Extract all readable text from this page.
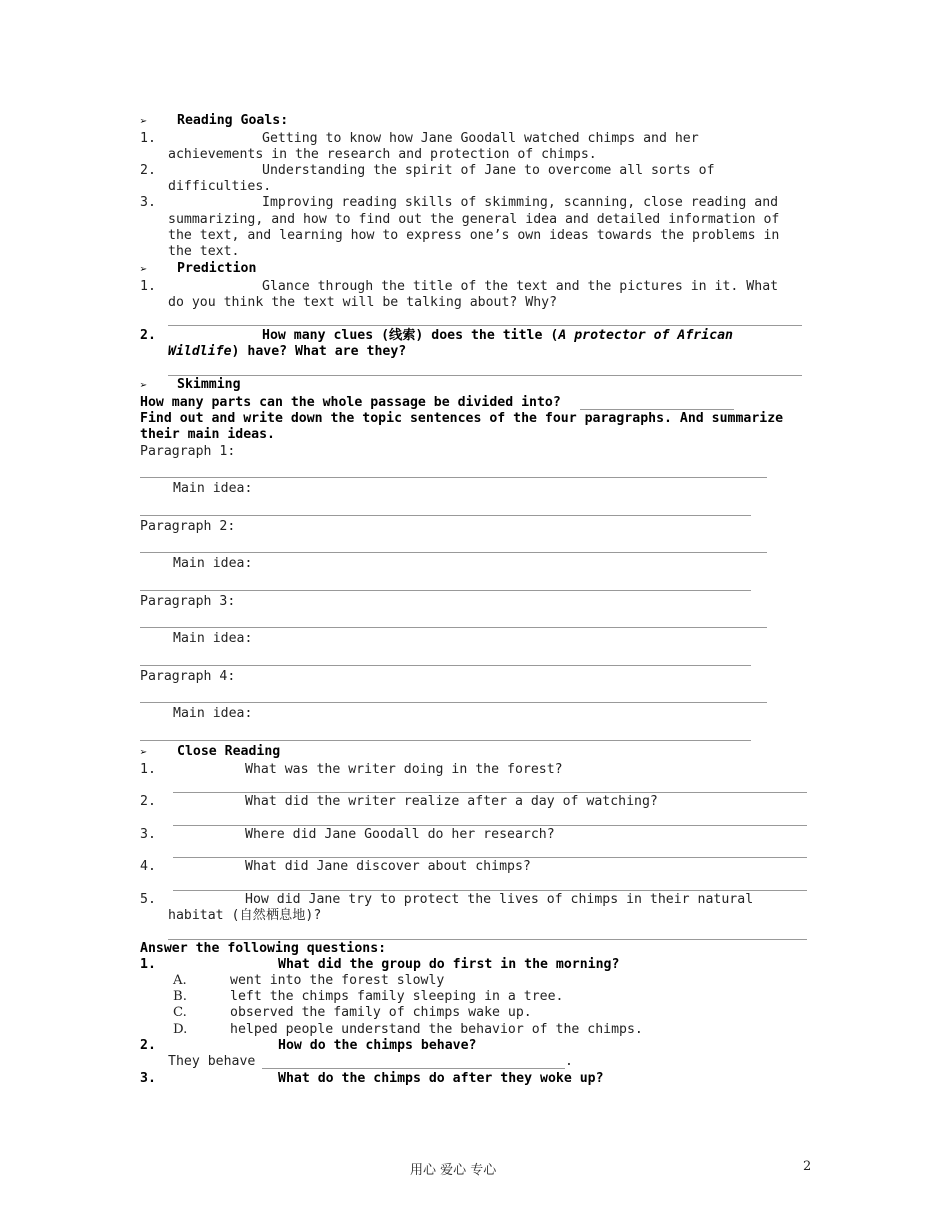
➢ Reading Goals:
1.	Getting to know how Jane Goodall watched chimps and her
achievements in the research and protection of chimps.
2.	Understanding the spirit of Jane to overcome all sorts of
difficulties.
3.	Improving reading skills of skimming, scanning, close reading and
summarizing, and how to find out the general idea and detailed information of
the text, and learning how to express one’s own ideas towards the problems in
the text.
➢ Prediction
1.	Glance through the title of the text and the pictures in it. What
do you think the text will be talking about? Why?
2.	How many clues (线索) does the title (A protector of African
Wildlife) have? What are they?
➢ Skimming
How many parts can the whole passage be divided into?
Find out and write down the topic sentences of the four paragraphs. And summarize
their main ideas.
Paragraph 1:
Main idea:
Paragraph 2:
Main idea:
Paragraph 3:
Main idea:
Paragraph 4:
Main idea:
➢ Close Reading
1.	What was the writer doing in the forest?
2.	What did the writer realize after a day of watching?
3.	Where did Jane Goodall do her research?
4.	What did Jane discover about chimps?
5.	How did Jane try to protect the lives of chimps in their natural
habitat (自然栖息地)?
Answer the following questions:
1.	What did the group do first in the morning?
A.	went into the forest slowly
B.	left the chimps family sleeping in a tree.
C.	observed the family of chimps wake up.
D.	helped people understand the behavior of the chimps.
2.	How do the chimps behave?
They behave	.
3.	What do the chimps do after they woke up?
用心 爱心 专心	2
